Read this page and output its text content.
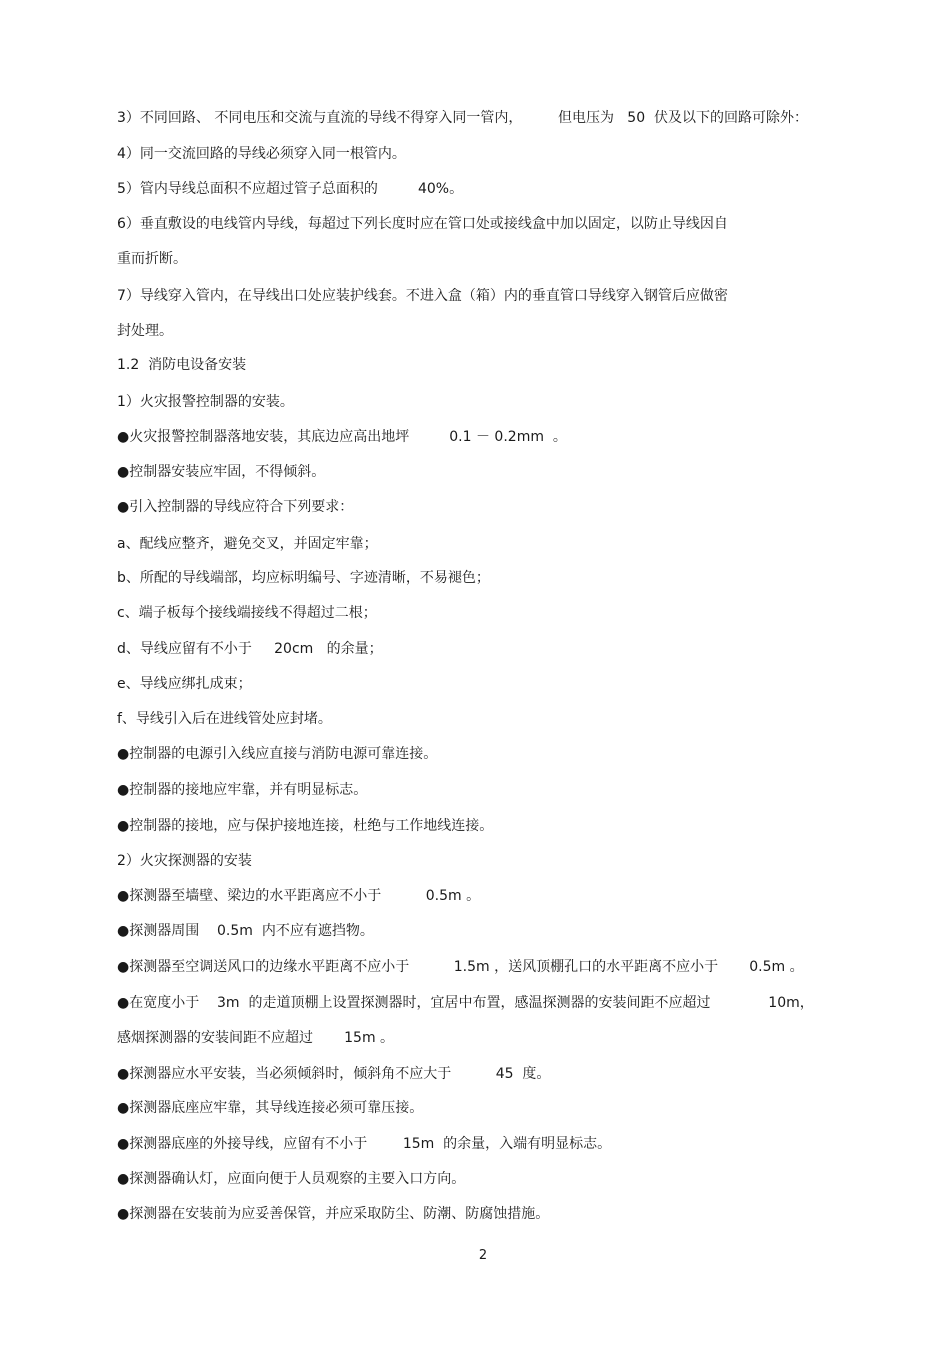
3）不同回路、 不同电压和交流与直流的导线不得穿入同一管内，        但电压为   50  伏及以下的回路可除外：

4）同一交流回路的导线必须穿入同一根管内。

5）管内导线总面积不应超过管子总面积的         40%。

6）垂直敷设的电线管内导线，每超过下列长度时应在管口处或接线盒中加以固定，以防止导线因自

重而折断。

7）导线穿入管内，在导线出口处应装护线套。不进入盒（箱）内的垂直管口导线穿入钢管后应做密

封处理。

1.2  消防电设备安装

1）火灾报警控制器的安装。

●火灾报警控制器落地安装，其底边应高出地坪         0.1 － 0.2mm  。

●控制器安装应牢固，不得倾斜。

●引入控制器的导线应符合下列要求：

a、配线应整齐，避免交叉，并固定牢靠；

b、所配的导线端部，均应标明编号、字迹清晰，不易褪色；

c、端子板每个接线端接线不得超过二根；

d、导线应留有不小于     20cm   的余量；

e、导线应绑扎成束；

f、导线引入后在进线管处应封堵。

●控制器的电源引入线应直接与消防电源可靠连接。

●控制器的接地应牢靠，并有明显标志。

●控制器的接地，应与保护接地连接，杜绝与工作地线连接。

2）火灾探测器的安装

●探测器至墙壁、梁边的水平距离应不小于          0.5m 。

●探测器周围    0.5m  内不应有遮挡物。

●探测器至空调送风口的边缘水平距离不应小于          1.5m ，送风顶棚孔口的水平距离不应小于       0.5m 。

●在宽度小于    3m  的走道顶棚上设置探测器时，宜居中布置，感温探测器的安装间距不应超过             10m，

感烟探测器的安装间距不应超过       15m 。

●探测器应水平安装，当必须倾斜时，倾斜角不应大于          45  度。

●探测器底座应牢靠，其导线连接必须可靠压接。

●探测器底座的外接导线，应留有不小于        15m  的余量，入端有明显标志。

●探测器确认灯，应面向便于人员观察的主要入口方向。

●探测器在安装前为应妥善保管，并应采取防尘、防潮、防腐蚀措施。

2
